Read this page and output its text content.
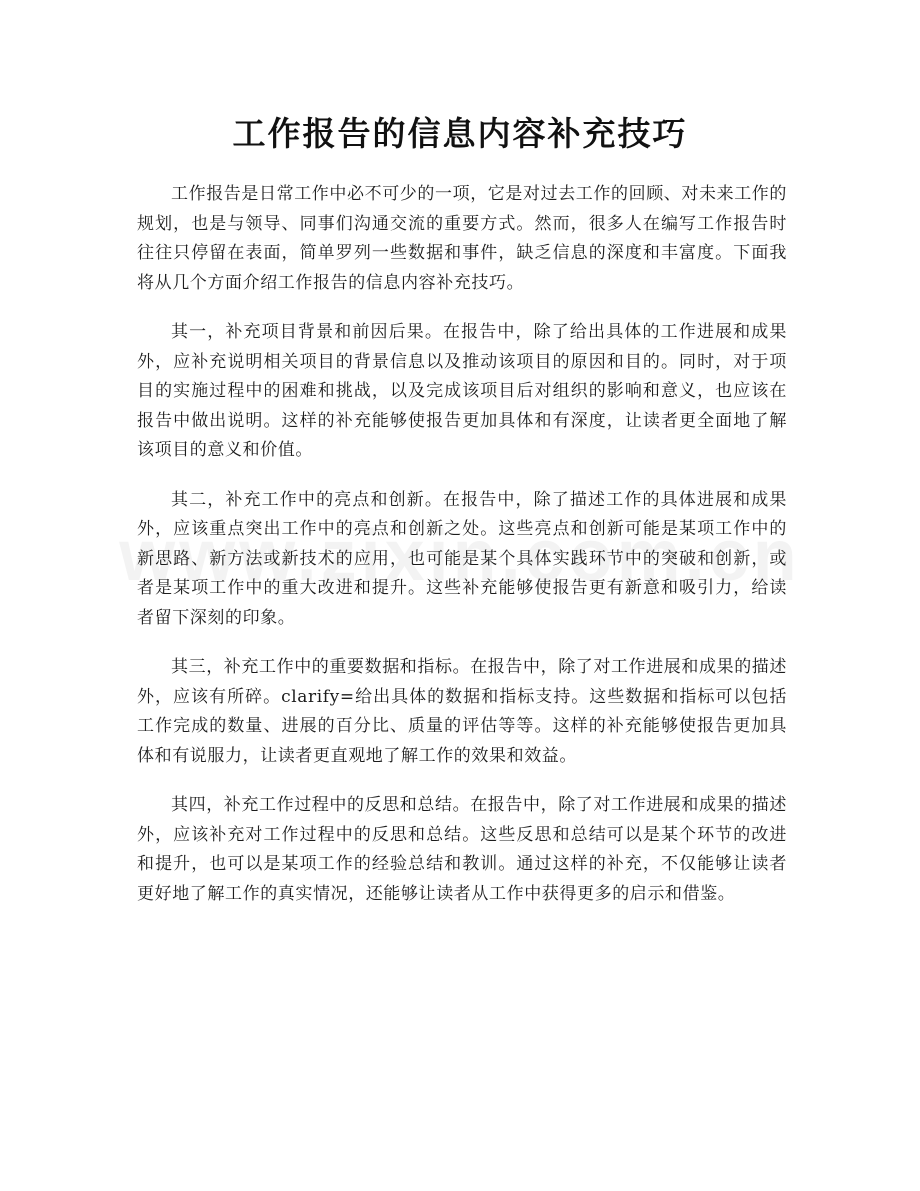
工作报告的信息内容补充技巧

工作报告是日常工作中必不可少的一项，它是对过去工作的回顾、对未来工作的规划，也是与领导、同事们沟通交流的重要方式。然而，很多人在编写工作报告时往往只停留在表面，简单罗列一些数据和事件，缺乏信息的深度和丰富度。下面我将从几个方面介绍工作报告的信息内容补充技巧。

其一，补充项目背景和前因后果。在报告中，除了给出具体的工作进展和成果外，应补充说明相关项目的背景信息以及推动该项目的原因和目的。同时，对于项目的实施过程中的困难和挑战，以及完成该项目后对组织的影响和意义，也应该在报告中做出说明。这样的补充能够使报告更加具体和有深度，让读者更全面地了解该项目的意义和价值。

其二，补充工作中的亮点和创新。在报告中，除了描述工作的具体进展和成果外，应该重点突出工作中的亮点和创新之处。这些亮点和创新可能是某项工作中的新思路、新方法或新技术的应用，也可能是某个具体实践环节中的突破和创新，或者是某项工作中的重大改进和提升。这些补充能够使报告更有新意和吸引力，给读者留下深刻的印象。

其三，补充工作中的重要数据和指标。在报告中，除了对工作进展和成果的描述外，应该有所碎。clarify=给出具体的数据和指标支持。这些数据和指标可以包括工作完成的数量、进展的百分比、质量的评估等等。这样的补充能够使报告更加具体和有说服力，让读者更直观地了解工作的效果和效益。

其四，补充工作过程中的反思和总结。在报告中，除了对工作进展和成果的描述外，应该补充对工作过程中的反思和总结。这些反思和总结可以是某个环节的改进和提升，也可以是某项工作的经验总结和教训。通过这样的补充，不仅能够让读者更好地了解工作的真实情况，还能够让读者从工作中获得更多的启示和借鉴。
